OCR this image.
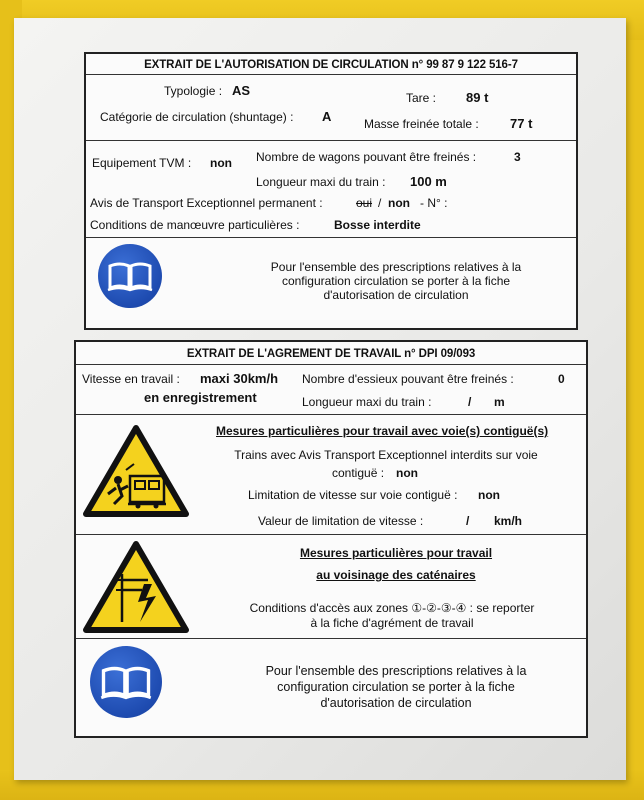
EXTRAIT DE L'AUTORISATION DE CIRCULATION n° 99 87 9 122 516-7
Typologie : AS	Tare : 89 t
Catégorie de circulation (shuntage) : A	Masse freinée totale : 77 t
Nombre de wagons pouvant être freinés :	3
Equipement TVM : non
Longueur maxi du train : 100 m
Avis de Transport Exceptionnel permanent :	oui / non - N° :
Conditions de manœuvre particulières :	Bosse interdite
Pour l'ensemble des prescriptions relatives à la
configuration circulation se porter à la fiche
d'autorisation de circulation
EXTRAIT DE L'AGREMENT DE TRAVAIL n° DPI 09/093
Vitesse en travail : maxi 30km/h
en enregistrement
Nombre d'essieux pouvant être freinés :	0
Longueur maxi du train :	/ m
Mesures particulières pour travail avec voie(s) contiguë(s)
Trains avec Avis Transport Exceptionnel interdits sur voie
contiguë : non
Limitation de vitesse sur voie contiguë : non
Valeur de limitation de vitesse :	/ km/h
Mesures particulières pour travail
au voisinage des caténaires
Conditions d'accès aux zones ①-②-③-④ : se reporter
à la fiche d'agrément de travail
Pour l'ensemble des prescriptions relatives à la
configuration circulation se porter à la fiche
d'autorisation de circulation
